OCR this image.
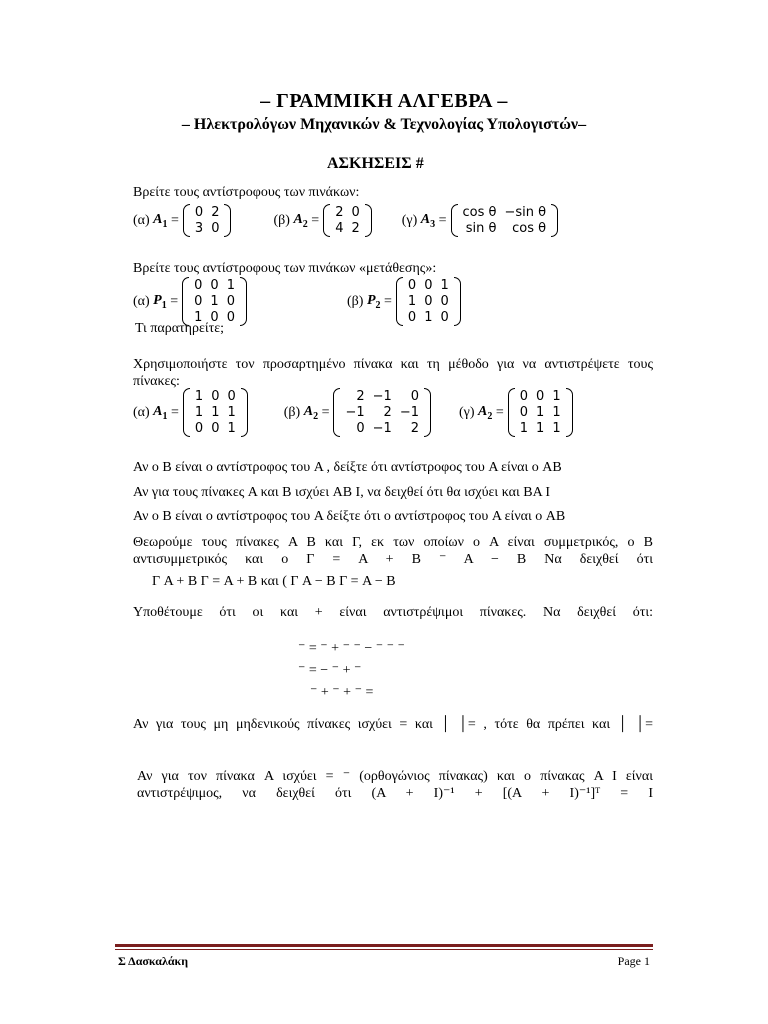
– ΓΡΑΜΜΙΚΗ ΑΛΓΕΒΡΑ –
– Ηλεκτρολόγων Μηχανικών & Τεχνολογίας Υπολογιστών–
ΑΣΚΗΣΕΙΣ #
Βρείτε τους αντίστροφους των πινάκων:
(α) $A_1 = 0$ 2
3 0
(β) $A_2 = 2$ 0
4 2
(γ) $A_3 = \cos \theta -\sin$ θ
sin θ	cos θ
Βρείτε τους αντίστροφους των πινάκων «μετάθεσης»:
(α) $P_1$ =
0 0 1
0 1 0
1 0 0
(β) $P_2$ =
0 0 1
1 0 0
0 1 0
Τι παρατηρείτε;
Χρησιμοποιήστε τον προσαρτημένο πίνακα και τη μέθοδο για να αντιστρέψετε τους πίνακες:
(α) $A_1$ =
1 0 0
1 1 1
0 0 1
(β) $A_2$ =
2 −1	0
−1	2 −1
0 −1	2
(γ) $A_2$ =
0 0 1
0 1 1
1 1 1
Αν ο B είναι ο αντίστροφος του A , δείξτε ότι αντίστροφος του A είναι ο AB
Αν για τους πίνακες A και B ισχύει AB I, να δειχθεί ότι θα ισχύει και BA I
Αν ο B είναι ο αντίστροφος του A δείξτε ότι ο αντίστροφος του A είναι ο AB
Θεωρούμε τους πίνακες A B και Γ, εκ των οποίων ο A είναι συμμετρικός, ο B αντισυμμετρικός και ο Γ = A + B ⁻ A − B Να δειχθεί ότι
Γ A + B Γ = A + B και ( Γ A − B Γ = A − B
Υποθέτουμε ότι οι και + είναι αντιστρέψιμοι πίνακες. Να δειχθεί ότι:
⁻ = ⁻ + ⁻ ⁻ − ⁻ ⁻ ⁻
⁻ = − ⁻ + ⁻
⁻ + ⁻ + ⁻ =
Αν για τους μη μηδενικούς πίνακες ισχύει = και │ │= , τότε θα πρέπει και │ │=
Αν για τον πίνακα A ισχύει = ⁻ (ορθογώνιος πίνακας) και ο πίνακας A I είναι αντιστρέψιμος, να δειχθεί ότι (A + I)⁻¹ + [(A + I)⁻¹]ᵀ = I
Σ Δασκαλάκη	Page 1
